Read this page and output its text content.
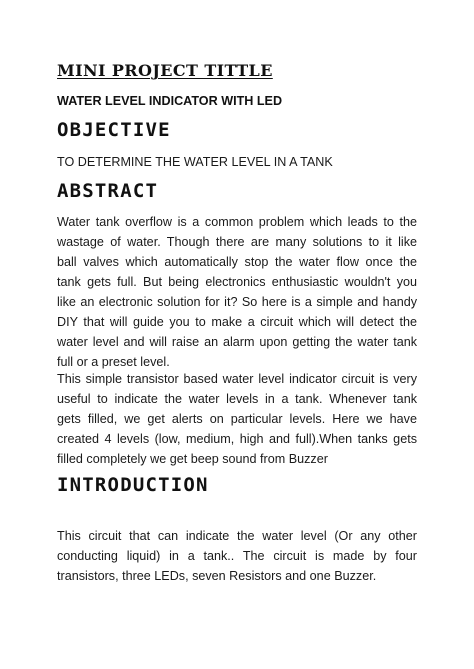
MINI PROJECT TITTLE
WATER LEVEL INDICATOR WITH LED
OBJECTIVE

TO DETERMINE THE WATER LEVEL IN A TANK

ABSTRACT

Water tank overflow is a common problem which leads to the

wastage of water. Though there are many solutions to it like

ball valves which automatically stop the water flow once the

tank gets full. But being electronics enthusiastic wouldn't you

like an electronic solution for it? So here is a simple and handy

DIY that will guide you to make a circuit which will detect the

water level and will raise an alarm upon getting the water tank

full or a preset level.

This simple transistor based water level indicator circuit is very

useful to indicate the water levels in a tank. Whenever tank

gets filled, we get alerts on particular levels. Here we have

created 4 levels (low, medium, high and full).When tanks gets

filled completely we get beep sound from Buzzer

INTRODUCTION

This circuit that can indicate the water level (Or any other

conducting liquid) in a tank.. The circuit is made by four

transistors, three LEDs, seven Resistors and one Buzzer.
